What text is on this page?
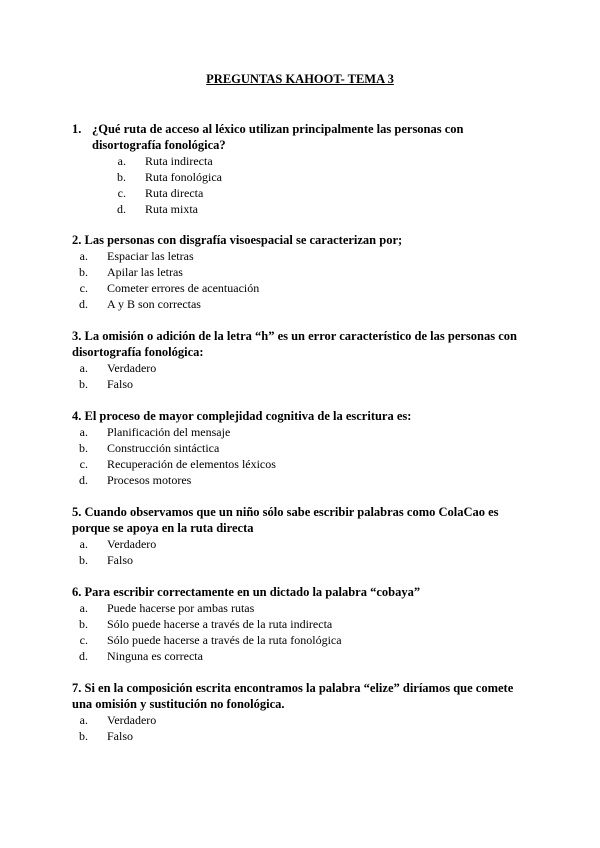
PREGUNTAS KAHOOT- TEMA 3
1. ¿Qué ruta de acceso al léxico utilizan principalmente las personas con disortografía fonológica?
a. Ruta indirecta
b. Ruta fonológica
c. Ruta directa
d. Ruta mixta
2. Las personas con disgrafía visoespacial se caracterizan por;
a. Espaciar las letras
b. Apilar las letras
c. Cometer errores de acentuación
d. A y B son correctas
3. La omisión o adición de la letra “h” es un error característico de las personas con disortografía fonológica:
a. Verdadero
b. Falso
4. El proceso de mayor complejidad cognitiva de la escritura es:
a. Planificación del mensaje
b. Construcción sintáctica
c. Recuperación de elementos léxicos
d. Procesos motores
5. Cuando observamos que un niño sólo sabe escribir palabras como ColaCao es porque se apoya en la ruta directa
a. Verdadero
b. Falso
6. Para escribir correctamente en un dictado la palabra “cobaya”
a. Puede hacerse por ambas rutas
b. Sólo puede hacerse a través de la ruta indirecta
c. Sólo puede hacerse a través de la ruta fonológica
d. Ninguna es correcta
7. Si en la composición escrita encontramos la palabra “elize” diríamos que comete una omisión y sustitución no fonológica.
a. Verdadero
b. Falso
